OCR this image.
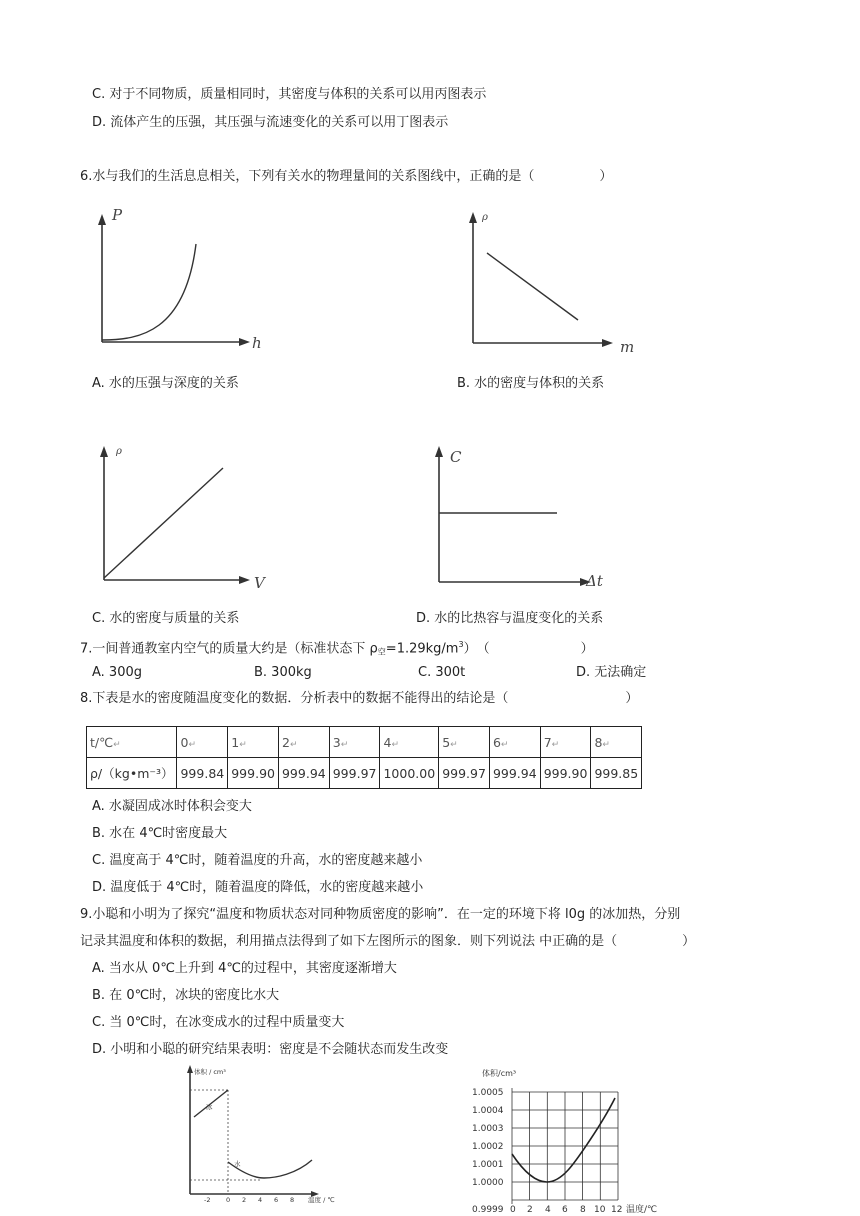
C. 对于不同物质，质量相同时，其密度与体积的关系可以用丙图表示
D. 流体产生的压强，其压强与流速变化的关系可以用丁图表示
6.水与我们的生活息息相关，下列有关水的物理量间的关系图线中，正确的是（　　　　　）
P
h
A. 水的压强与深度的关系
ρ
m
B. 水的密度与体积的关系
ρ
V
C. 水的密度与质量的关系
C
Δt
D. 水的比热容与温度变化的关系
7.一间普通教室内空气的质量大约是（标准状态下 $\rho_空=1.29kg/m^3$）　（　　　　　　　）
A. 300g	B. 300kg	C. 300t	D. 无法确定
8.下表是水的密度随温度变化的数据．分析表中的数据不能得出的结论是（　　　　　　　　　）
t/℃↵	0↵	1↵	2↵	3↵	4↵	5↵	6↵	7↵	8↵
ρ/（kg•m⁻³）	999.84	999.90	999.94	999.97	1000.00	999.97	999.94	999.90	999.85
A. 水凝固成冰时体积会变大
B. 水在 4℃时密度最大
C. 温度高于 4℃时，随着温度的升高，水的密度越来越小
D. 温度低于 4℃时，随着温度的降低，水的密度越来越小
9.小聪和小明为了探究“温度和物质状态对同种物质密度的影响”．在一定的环境下将 l0g 的冰加热，分别
记录其温度和体积的数据，利用描点法得到了如下左图所示的图象．则下列说法 中正确的是（　　　　　）
A. 当水从 0℃上升到 4℃的过程中，其密度逐渐增大
B. 在 0℃时，冰块的密度比水大
C. 当 0℃时，在冰变成水的过程中质量变大
D. 小明和小聪的研究结果表明：密度是不会随状态而发生改变
体积 / cm³
冰
水
-2 0 2 4 6 8 温度 / ℃
体积/cm³
1.0005
1.0004
1.0003
1.0002
1.0001
1.0000
0.9999 0 2 4 6 8 10 12 温度/℃
